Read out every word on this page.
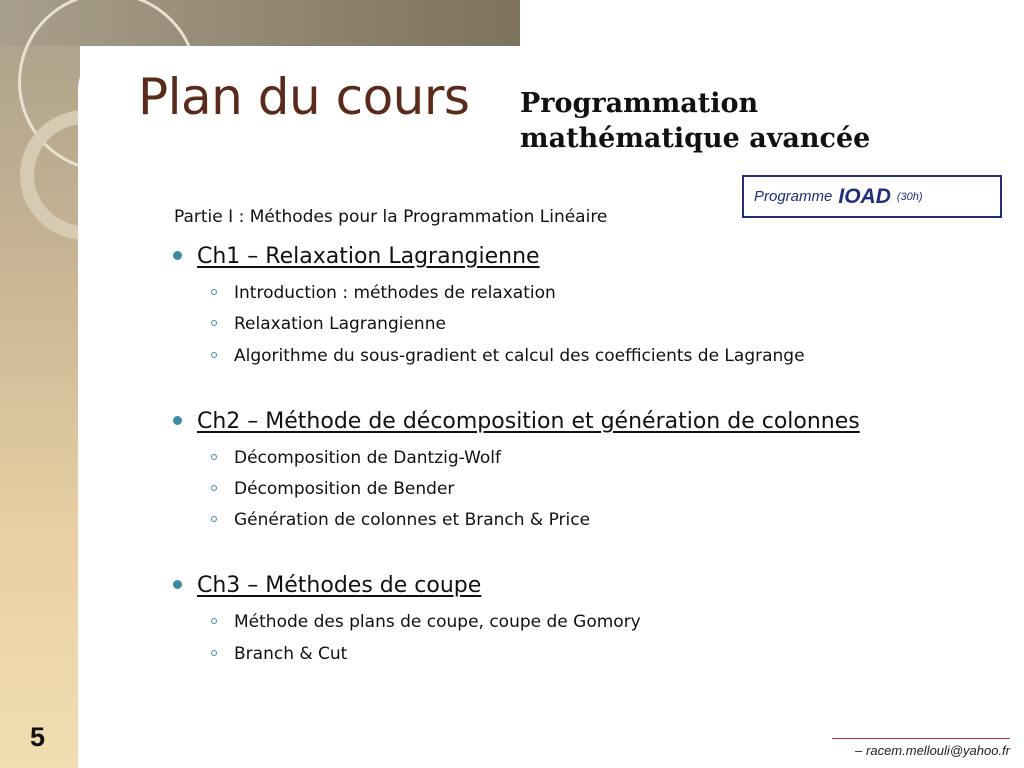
Plan du cours Programmation
mathématique avancée
Programme IOAD (30h)
Partie I : Méthodes pour la Programmation Linéaire
Ch1 – Relaxation Lagrangienne
Introduction : méthodes de relaxation
Relaxation Lagrangienne
Algorithme du sous-gradient et calcul des coefficients de Lagrange
Ch2 – Méthode de décomposition et génération de colonnes
Décomposition de Dantzig-Wolf
Décomposition de Bender
Génération de colonnes et Branch & Price
Ch3 – Méthodes de coupe
Méthode des plans de coupe, coupe de Gomory
Branch & Cut
5	– racem.mellouli@yahoo.fr
